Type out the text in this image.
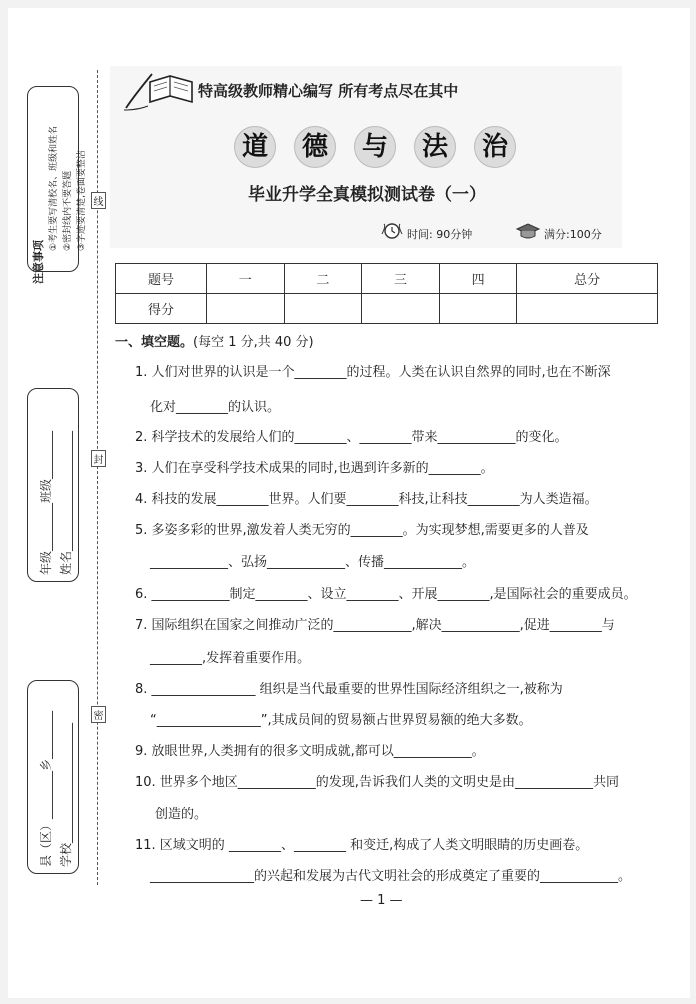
注意事项
①考生要写清校名、班级和姓名 ②密封线内不要答题 ③字迹要清楚,卷面要整洁 线
封
密
年级________班级________ 姓名____________________
县（区）________乡________ 学校____________________
特高级教师精心编写 所有考点尽在其中
道	德	与	法	治
毕业升学全真模拟测试卷（一）
时间: 90分钟	满分:100分
题号	一	二	三	四	总分
得分					
一、填空题。(每空 1 分,共 40 分)
1. 人们对世界的认识是一个________的过程。人类在认识自然界的同时,也在不断深
化对________的认识。
2. 科学技术的发展给人们的________、________带来____________的变化。
3. 人们在享受科学技术成果的同时,也遇到许多新的________。
4. 科技的发展________世界。人们要________科技,让科技________为人类造福。
5. 多姿多彩的世界,激发着人类无穷的________。为实现梦想,需要更多的人普及
____________、弘扬____________、传播____________。
6. ____________制定________、设立________、开展________,是国际社会的重要成员。
7. 国际组织在国家之间推动广泛的____________,解决____________,促进________与
________,发挥着重要作用。
8. ________________ 组织是当代最重要的世界性国际经济组织之一,被称为
“________________”,其成员间的贸易额占世界贸易额的绝大多数。
9. 放眼世界,人类拥有的很多文明成就,都可以____________。
10. 世界多个地区____________的发现,告诉我们人类的文明史是由____________共同
创造的。
11. 区域文明的 ________、________ 和变迁,构成了人类文明眼睛的历史画卷。
________________的兴起和发展为古代文明社会的形成奠定了重要的____________。
— 1 —
